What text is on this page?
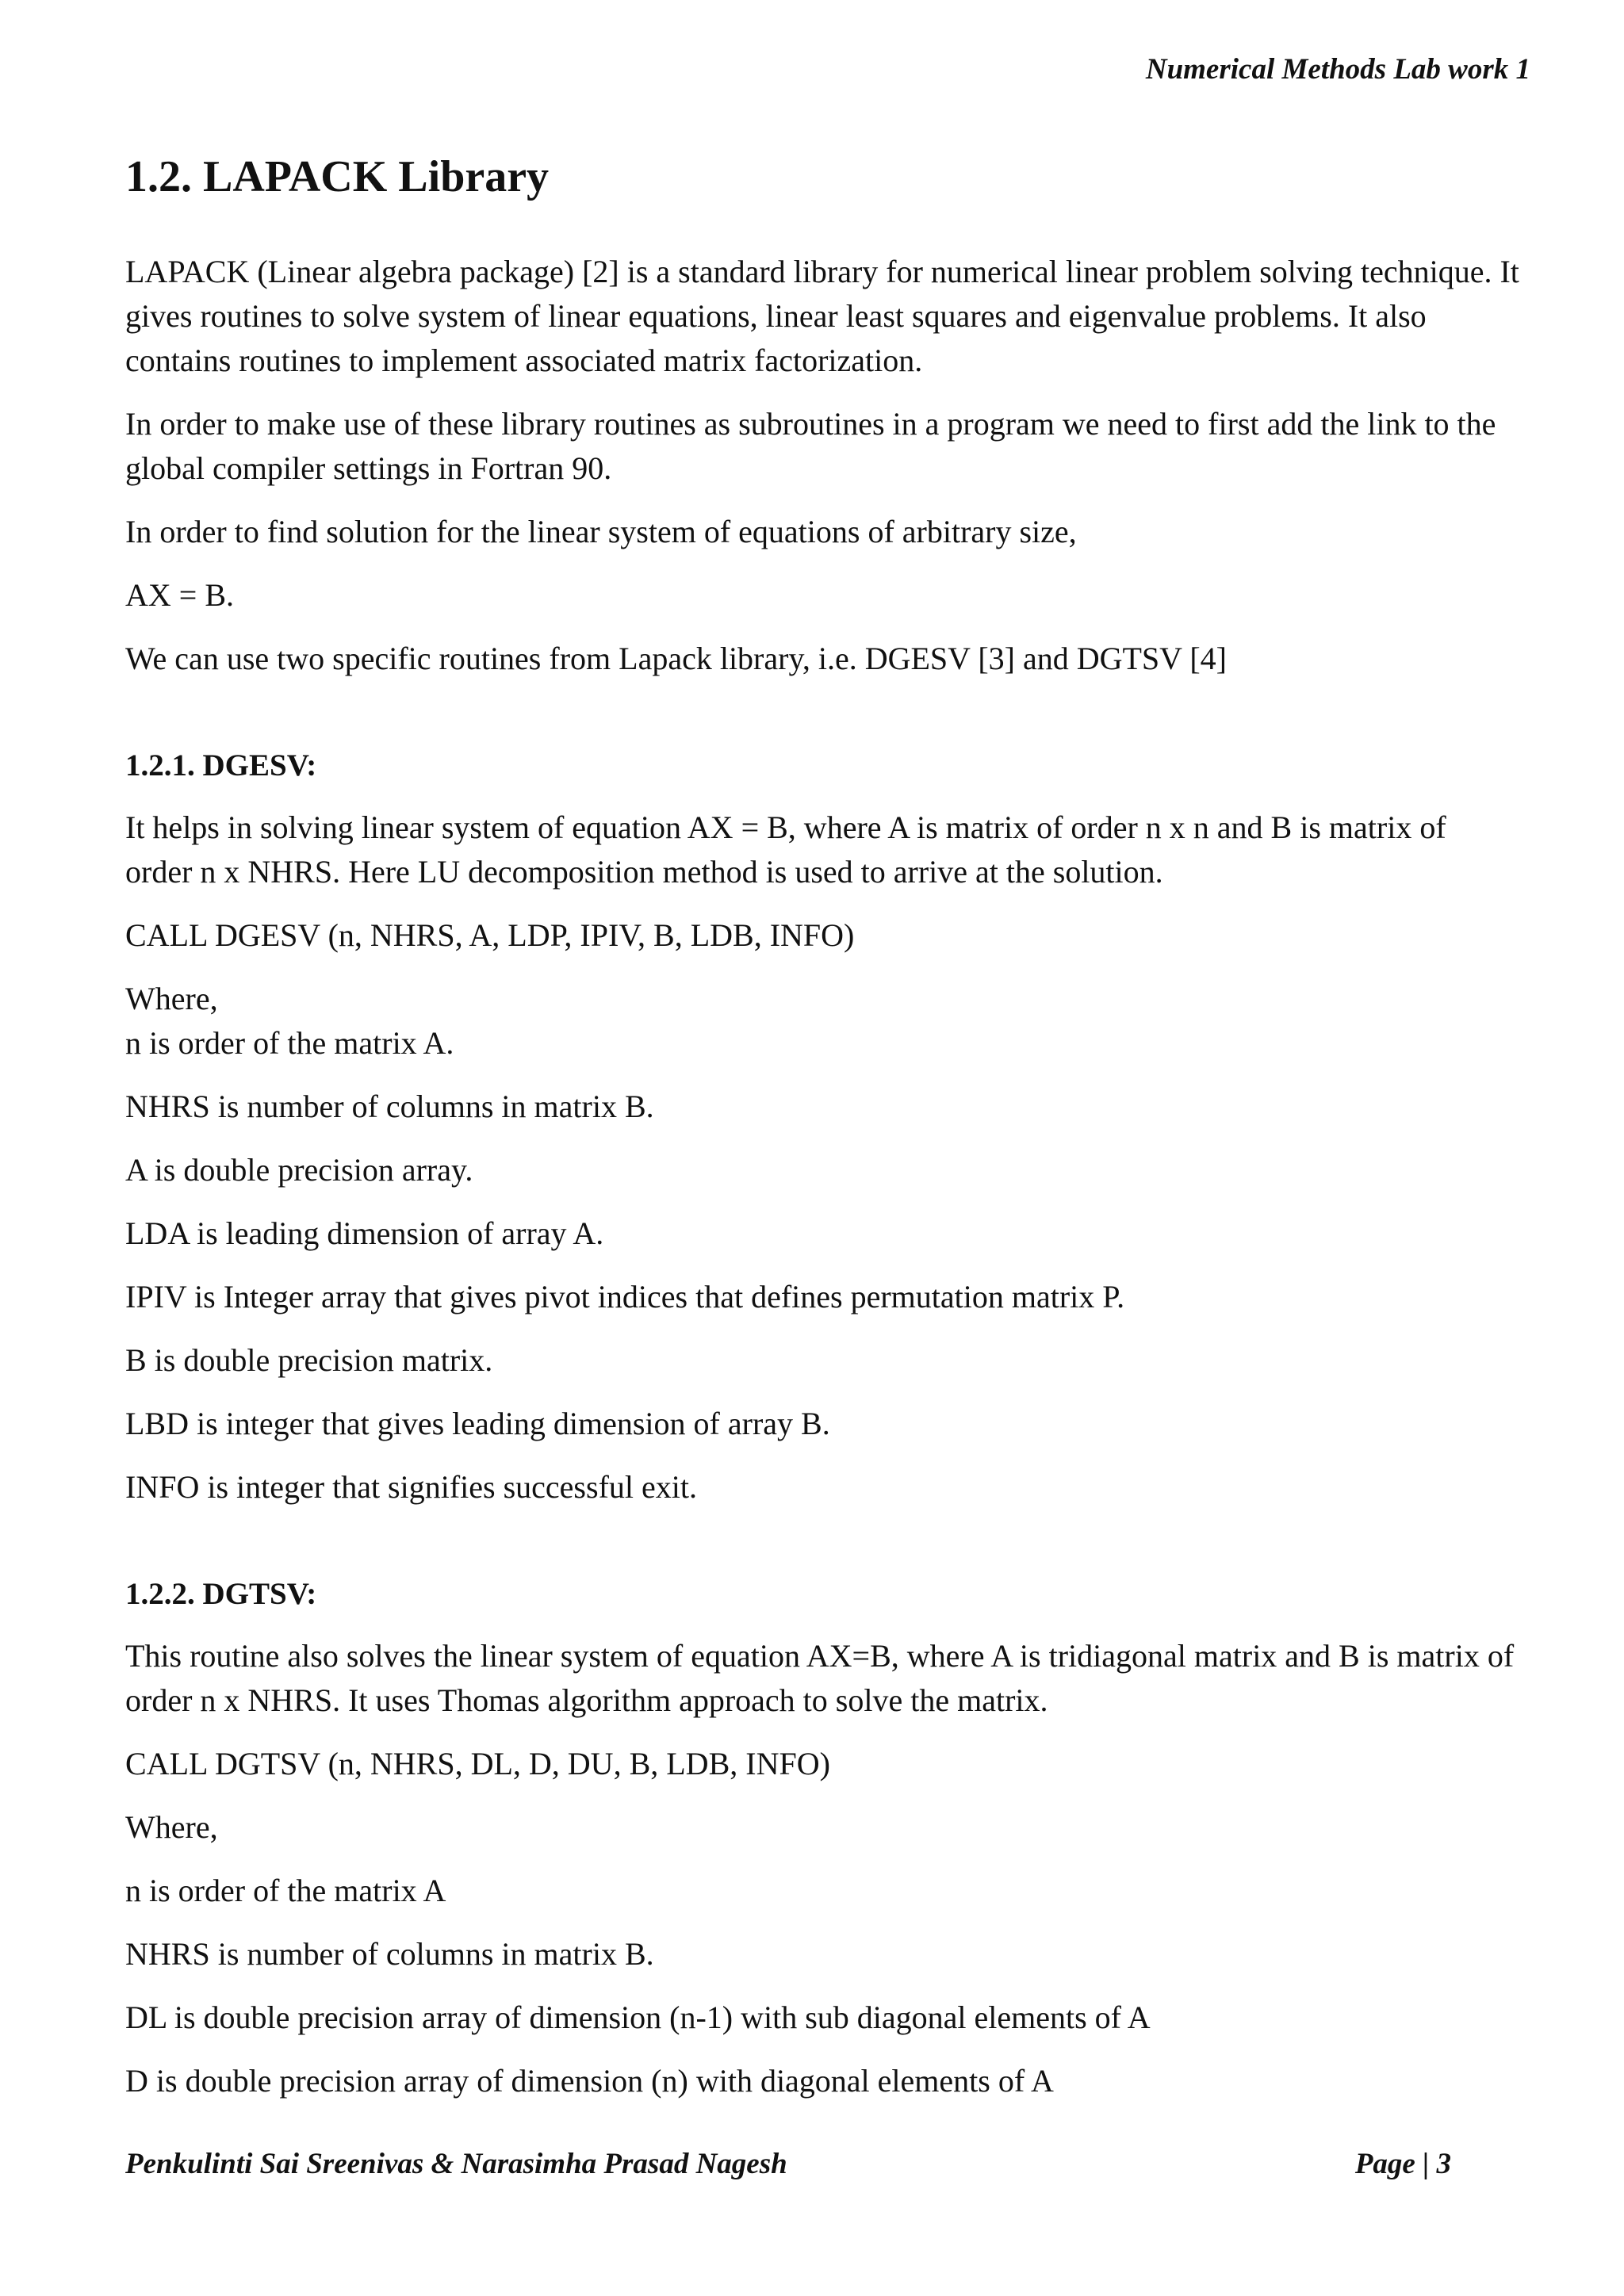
Numerical Methods Lab work 1
1.2. LAPACK Library

LAPACK (Linear algebra package) [2] is a standard library for numerical linear problem solving technique. It gives routines to solve system of linear equations, linear least squares and eigenvalue problems. It also contains routines to implement associated matrix factorization.

In order to make use of these library routines as subroutines in a program we need to first add the link to the global compiler settings in Fortran 90.

In order to find solution for the linear system of equations of arbitrary size,

AX = B.

We can use two specific routines from Lapack library, i.e. DGESV [3] and DGTSV [4]

1.2.1. DGESV:

It helps in solving linear system of equation AX = B, where A is matrix of order n x n and B is matrix of order n x NHRS. Here LU decomposition method is used to arrive at the solution.

CALL DGESV (n, NHRS, A, LDP, IPIV, B, LDB, INFO)

Where,

n is order of the matrix A.

NHRS is number of columns in matrix B.

A is double precision array.

LDA is leading dimension of array A.

IPIV is Integer array that gives pivot indices that defines permutation matrix P.

B is double precision matrix.

LBD is integer that gives leading dimension of array B.

INFO is integer that signifies successful exit.

1.2.2. DGTSV:

This routine also solves the linear system of equation AX=B, where A is tridiagonal matrix and B is matrix of order n x NHRS. It uses Thomas algorithm approach to solve the matrix.

CALL DGTSV (n, NHRS, DL, D, DU, B, LDB, INFO)

Where,

n is order of the matrix A

NHRS is number of columns in matrix B.

DL is double precision array of dimension (n-1) with sub diagonal elements of A

D is double precision array of dimension (n) with diagonal elements of A

Penkulinti Sai Sreenivas & Narasimha Prasad Nagesh	Page | 3
